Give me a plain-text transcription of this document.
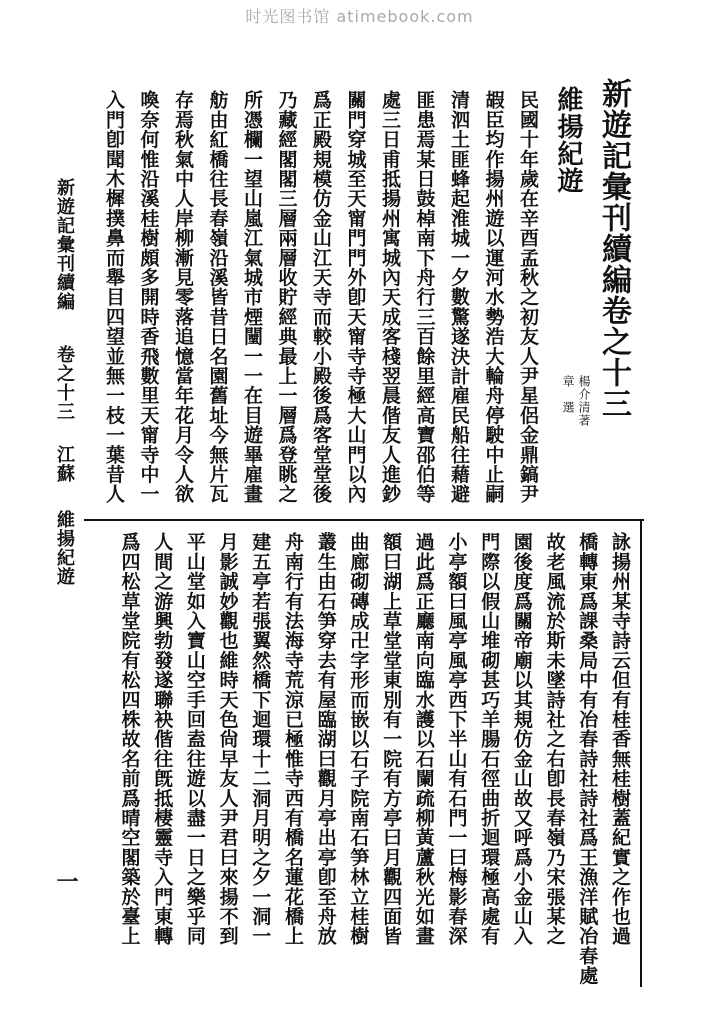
时光图书馆 atimebook.com
民國十年歲在辛酉孟秋之初友人尹星侶金鼎鎬尹
嘏臣均作揚州遊以運河水勢浩大輪舟停駛中止嗣
清泗土匪蜂起淮城一夕數驚遂決計雇民船往藉避
匪患焉某日鼓棹南下舟行三百餘里經高寶邵伯等
處三日甫抵揚州寓城內天成客棧翌晨偕友人進鈔
關門穿城至天甯門門外卽天甯寺寺極大山門以內
爲正殿規模仿金山江天寺而較小殿後爲客堂堂後
乃藏經閣閣三層兩層收貯經典最上一層爲登眺之
所憑欄一望山嵐江氣城市煙闉一一在目遊畢雇畫
舫由紅橋往長春嶺沿溪皆昔日名園舊址今無片瓦
存焉秋氣中人岸柳漸見零落追憶當年花月令人欲
喚奈何惟沿溪桂樹頗多開時香飛數里天甯寺中一
入門卽聞木樨撲鼻而舉目四望並無一枝一葉昔人
詠揚州某寺詩云但有桂香無桂樹蓋紀實之作也過
橋轉東爲課桑局中有冶春詩社詩社爲王漁洋賦冶春處
故老風流於斯未墜詩社之右卽長春嶺乃宋張某之
園後度爲關帝廟以其規仿金山故又呼爲小金山入
門際以假山堆砌甚巧羊腸石徑曲折迴環極高處有
小亭額曰風亭風亭西下半山有石門一曰梅影春深
過此爲正廳南向臨水護以石闌疏柳黃蘆秋光如畫
額曰湖上草堂堂東別有一院有方亭曰月觀四面皆
曲廊砌磚成卍字形而嵌以石子院南石笋林立桂樹
叢生由石笋穿去有屋臨湖曰觀月亭出亭卽至舟放
舟南行有法海寺荒涼已極惟寺西有橋名蓮花橋上
建五亭若張翼然橋下迴環十二洞月明之夕一洞一
月影誠妙觀也維時天色尙早友人尹君曰來揚不到
平山堂如入寶山空手回盍往遊以盡一日之樂乎同
人間之游興勃發遂聯袂偕往旣抵棲靈寺入門東轉
爲四松草堂院有松四株故名前爲晴空閣築於臺上
新遊記彙刊續編卷之十三
維揚紀遊
楊介清著
章　選
新遊記彙刊續編
卷之十三
江蘇
維揚紀遊
一
